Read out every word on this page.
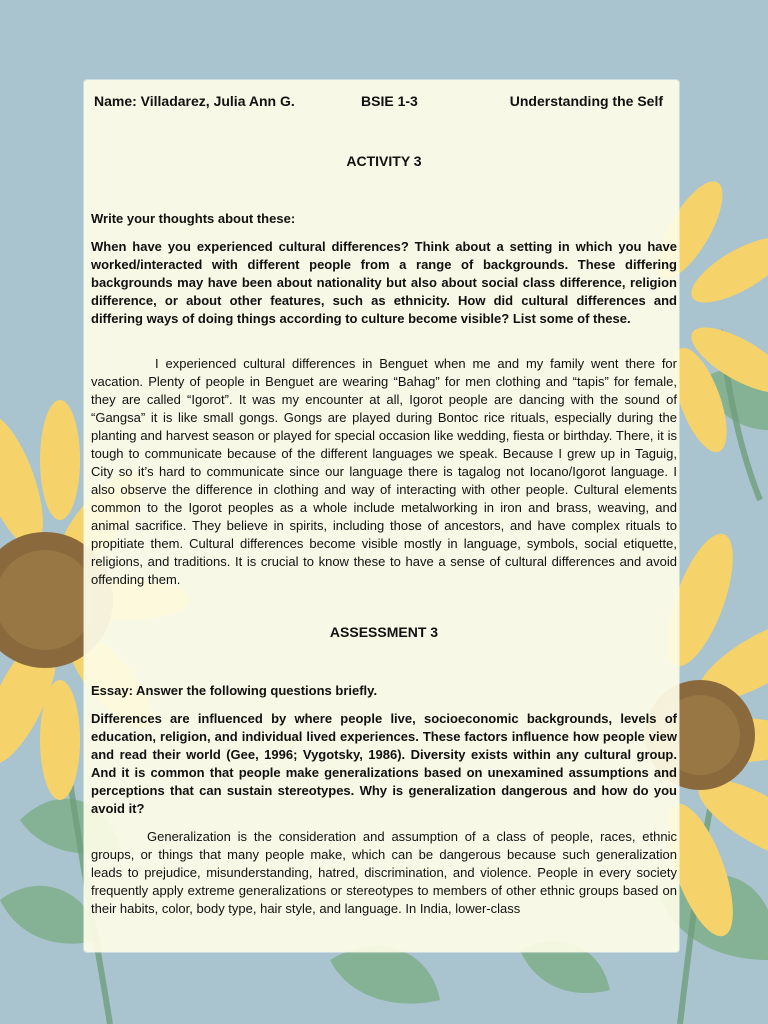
Name: Villadarez, Julia Ann G.	BSIE 1-3	Understanding the Self

ACTIVITY 3

Write your thoughts about these:

When have you experienced cultural differences? Think about a setting in which you have worked/interacted with different people from a range of backgrounds. These differing backgrounds may have been about nationality but also about social class difference, religion difference, or about other features, such as ethnicity. How did cultural differences and differing ways of doing things according to culture become visible? List some of these.

I experienced cultural differences in Benguet when me and my family went there for vacation. Plenty of people in Benguet are wearing “Bahag” for men clothing and “tapis” for female, they are called “Igorot”. It was my encounter at all, Igorot people are dancing with the sound of “Gangsa” it is like small gongs. Gongs are played during Bontoc rice rituals, especially during the planting and harvest season or played for special occasion like wedding, fiesta or birthday. There, it is tough to communicate because of the different languages we speak. Because I grew up in Taguig, City so it’s hard to communicate since our language there is tagalog not Iocano/Igorot language. I also observe the difference in clothing and way of interacting with other people. Cultural elements common to the Igorot peoples as a whole include metalworking in iron and brass, weaving, and animal sacrifice. They believe in spirits, including those of ancestors, and have complex rituals to propitiate them. Cultural differences become visible mostly in language, symbols, social etiquette, religions, and traditions. It is crucial to know these to have a sense of cultural differences and avoid offending them.

ASSESSMENT 3

Essay: Answer the following questions briefly.

Differences are influenced by where people live, socioeconomic backgrounds, levels of education, religion, and individual lived experiences. These factors influence how people view and read their world (Gee, 1996; Vygotsky, 1986). Diversity exists within any cultural group. And it is common that people make generalizations based on unexamined assumptions and perceptions that can sustain stereotypes. Why is generalization dangerous and how do you avoid it?

Generalization is the consideration and assumption of a class of people, races, ethnic groups, or things that many people make, which can be dangerous because such generalization leads to prejudice, misunderstanding, hatred, discrimination, and violence. People in every society frequently apply extreme generalizations or stereotypes to members of other ethnic groups based on their habits, color, body type, hair style, and language. In India, lower-class
